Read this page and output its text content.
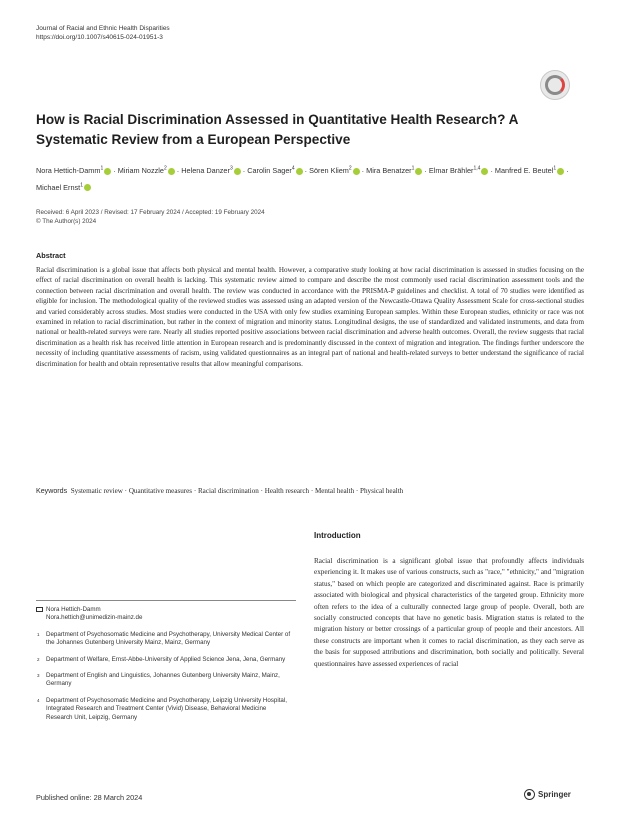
Journal of Racial and Ethnic Health Disparities
https://doi.org/10.1007/s40615-024-01951-3
How is Racial Discrimination Assessed in Quantitative Health Research? A Systematic Review from a European Perspective
Nora Hettich-Damm$^1$ · Miriam Nozzle$^2$ · Helena Danzer$^3$ · Carolin Sager$^4$ · Sören Kliem$^2$ · Mira Benatzer$^1$ · Elmar Brähler$^{1,4}$ · Manfred E. Beutel$^1$ · Michael Ernst$^1$
Received: 6 April 2023 / Revised: 17 February 2024 / Accepted: 19 February 2024
© The Author(s) 2024
Abstract

Racial discrimination is a global issue that affects both physical and mental health. However, a comparative study looking at how racial discrimination is assessed in studies focusing on the effect of racial discrimination on overall health is lacking. This systematic review aimed to compare and describe the most commonly used racial discrimination assessment tools and the connection between racial discrimination and overall health. The review was conducted in accordance with the PRISMA-P guidelines and checklist. A total of 70 studies were identified as eligible for inclusion. The methodological quality of the reviewed studies was assessed using an adapted version of the Newcastle-Ottawa Quality Assessment Scale for cross-sectional studies and varied considerably across studies. Most studies were conducted in the USA with only few studies examining European samples. Within these European studies, ethnicity or race was not examined in relation to racial discrimination, but rather in the context of migration and minority status. Longitudinal designs, the use of standardized and validated instruments, and data from national or health-related surveys were rare. Nearly all studies reported positive associations between racial discrimination and adverse health outcomes. Overall, the review suggests that racial discrimination as a health risk has received little attention in European research and is predominantly discussed in the context of migration and integration. The findings further underscore the necessity of including quantitative assessments of racism, using validated questionnaires as an integral part of national and health-related surveys to better understand the significance of racial discrimination for health and obtain representative results that allow meaningful comparisons.

Keywords Systematic review · Quantitative measures · Racial discrimination · Health research · Mental health · Physical health

Introduction

Racial discrimination is a significant global issue that profoundly affects individuals experiencing it. It makes use of various constructs, such as "race," "ethnicity," and "migration status," based on which people are categorized and discriminated against. Race is primarily associated with biological and physical characteristics of the targeted group. Ethnicity more often refers to the idea of a culturally connected large group of people. Overall, both are socially constructed concepts that have no genetic basis. Migration status is related to the migration history or better crossings of a particular group of people and their ancestors. All these constructs are important when it comes to racial discrimination, as they each serve as the basis for supposed attributions and discrimination, both socially and politically. Several questionnaires have assessed experiences of racial

Nora Hettich-Damm
Nora.hettich@unimedizin-mainz.de
1 Department of Psychosomatic Medicine and Psychotherapy, University Medical Center of the Johannes Gutenberg University Mainz, Mainz, Germany
2 Department of Welfare, Ernst-Abbe-University of Applied Science Jena, Jena, Germany
3 Department of English and Linguistics, Johannes Gutenberg University Mainz, Mainz, Germany
4 Department of Psychosomatic Medicine and Psychotherapy, Leipzig University Hospital, Integrated Research and Treatment Center (Vivid) Disease, Behavioral Medicine Research Unit, Leipzig, Germany
Published online: 28 March 2024	Springer
